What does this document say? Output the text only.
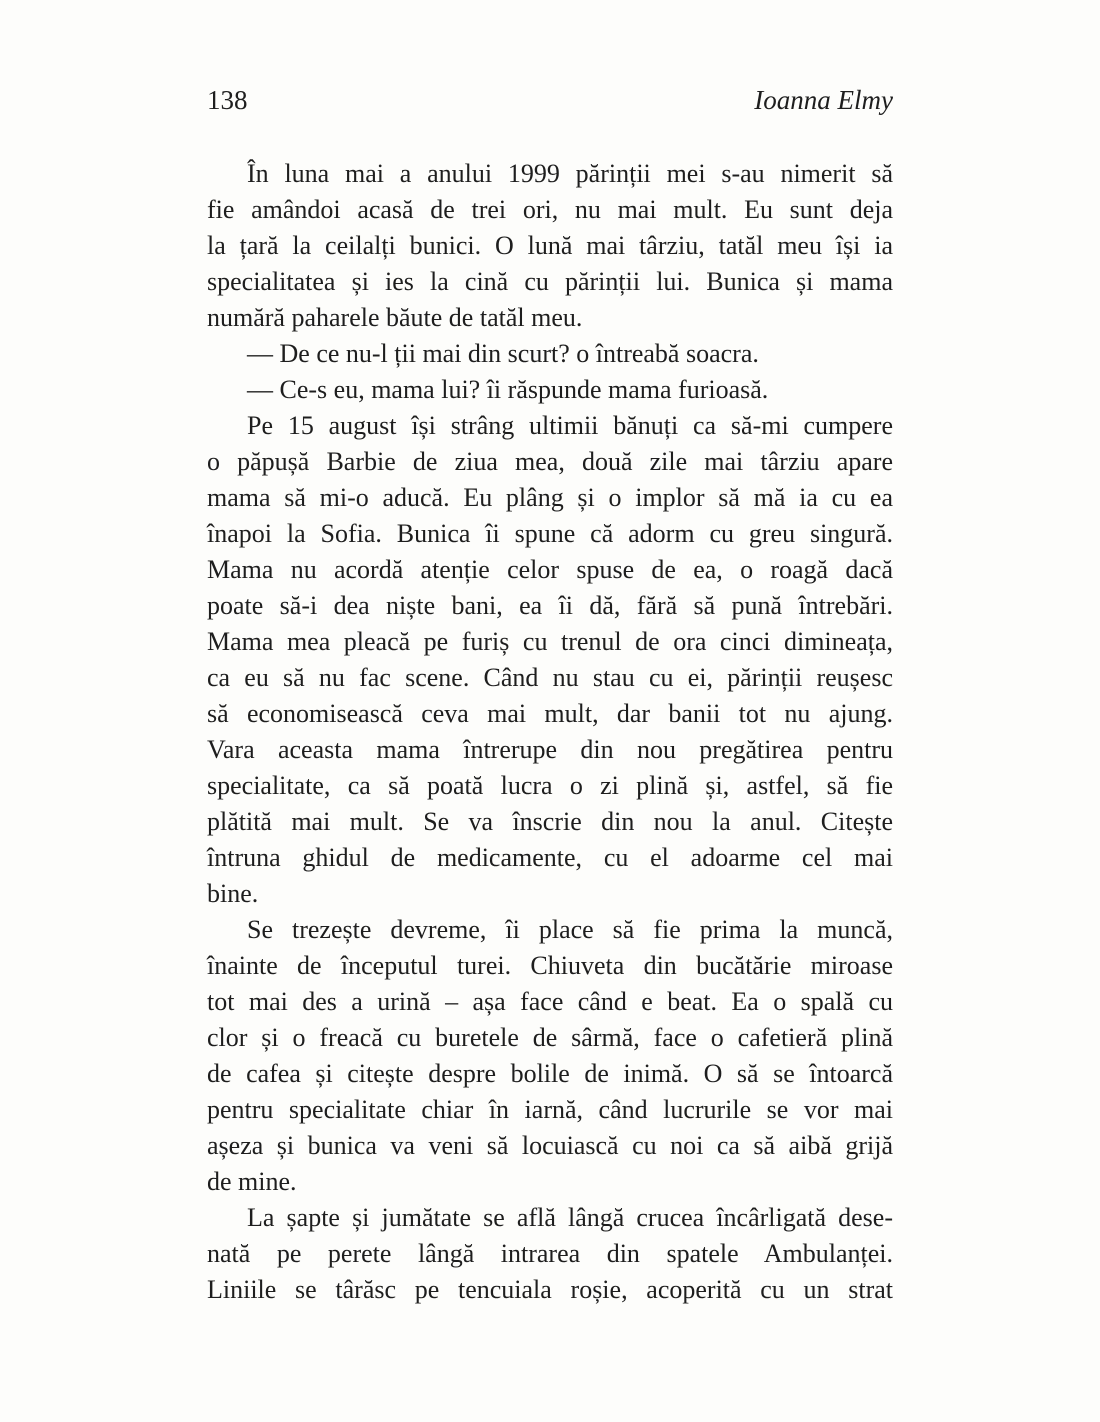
138	Ioanna Elmy
În luna mai a anului 1999 părinții mei s-au nimerit să
fie amândoi acasă de trei ori, nu mai mult. Eu sunt deja
la țară la ceilalți bunici. O lună mai târziu, tatăl meu își ia
specialitatea și ies la cină cu părinții lui. Bunica și mama
numără paharele băute de tatăl meu.
— De ce nu-l ții mai din scurt? o întreabă soacra.
— Ce-s eu, mama lui? îi răspunde mama furioasă.
Pe 15 august își strâng ultimii bănuți ca să-mi cumpere
o păpușă Barbie de ziua mea, două zile mai târziu apare
mama să mi-o aducă. Eu plâng și o implor să mă ia cu ea
înapoi la Sofia. Bunica îi spune că adorm cu greu singură.
Mama nu acordă atenție celor spuse de ea, o roagă dacă
poate să-i dea niște bani, ea îi dă, fără să pună întrebări.
Mama mea pleacă pe furiș cu trenul de ora cinci dimineața,
ca eu să nu fac scene. Când nu stau cu ei, părinții reușesc
să economisească ceva mai mult, dar banii tot nu ajung.
Vara aceasta mama întrerupe din nou pregătirea pentru
specialitate, ca să poată lucra o zi plină și, astfel, să fie
plătită mai mult. Se va înscrie din nou la anul. Citește
întruna ghidul de medicamente, cu el adoarme cel mai
bine.
Se trezește devreme, îi place să fie prima la muncă,
înainte de începutul turei. Chiuveta din bucătărie miroase
tot mai des a urină – așa face când e beat. Ea o spală cu
clor și o freacă cu buretele de sârmă, face o cafetieră plină
de cafea și citește despre bolile de inimă. O să se întoarcă
pentru specialitate chiar în iarnă, când lucrurile se vor mai
așeza și bunica va veni să locuiască cu noi ca să aibă grijă
de mine.
La șapte și jumătate se află lângă crucea încârligată dese-
nată pe perete lângă intrarea din spatele Ambulanței.
Liniile se târăsc pe tencuiala roșie, acoperită cu un strat
